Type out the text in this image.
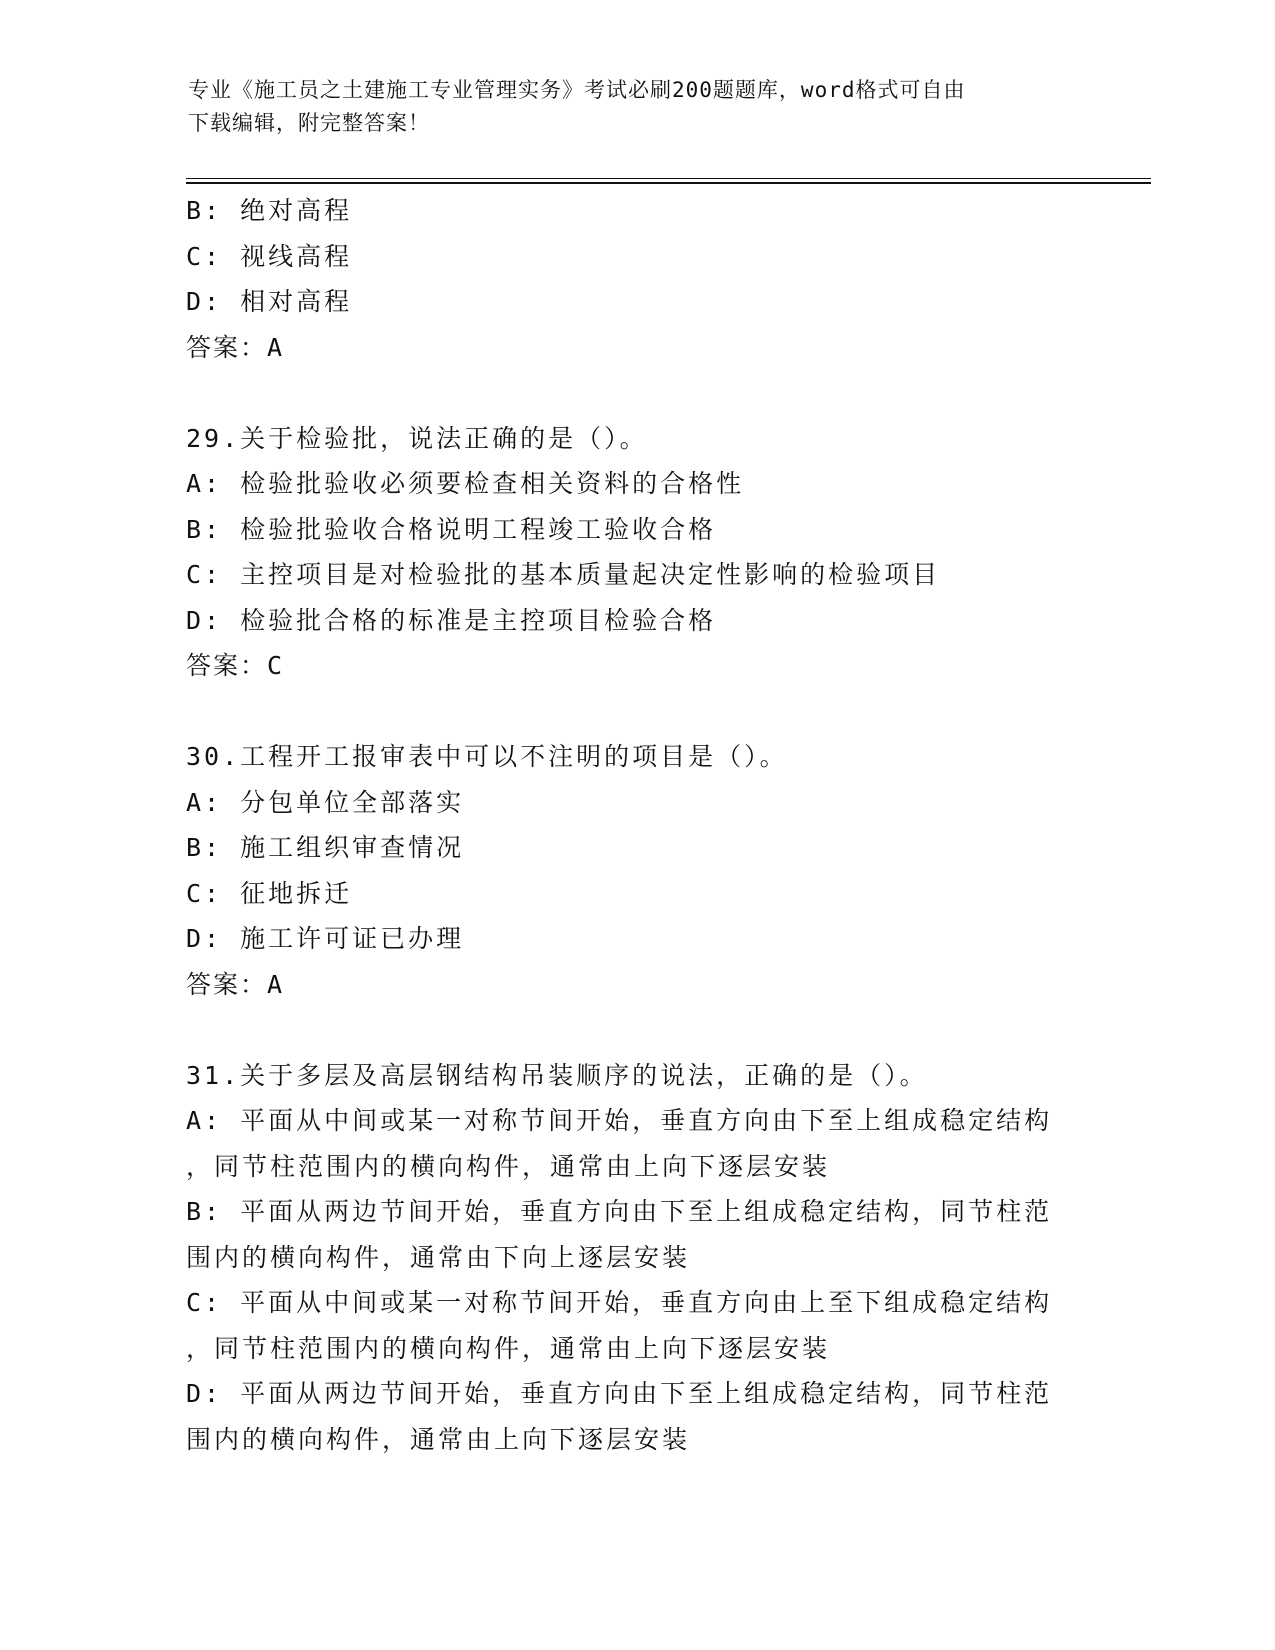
专业《施工员之土建施工专业管理实务》考试必刷200题题库，word格式可自由
下载编辑，附完整答案！
B: 绝对高程
C: 视线高程
D: 相对高程
答案：A
29.关于检验批，说法正确的是（）。
A: 检验批验收必须要检查相关资料的合格性
B: 检验批验收合格说明工程竣工验收合格
C: 主控项目是对检验批的基本质量起决定性影响的检验项目
D: 检验批合格的标准是主控项目检验合格
答案：C
30.工程开工报审表中可以不注明的项目是（）。
A: 分包单位全部落实
B: 施工组织审查情况
C: 征地拆迁
D: 施工许可证已办理
答案：A
31.关于多层及高层钢结构吊装顺序的说法，正确的是（）。
A: 平面从中间或某一对称节间开始，垂直方向由下至上组成稳定结构
，同节柱范围内的横向构件，通常由上向下逐层安装
B: 平面从两边节间开始，垂直方向由下至上组成稳定结构，同节柱范
围内的横向构件，通常由下向上逐层安装
C: 平面从中间或某一对称节间开始，垂直方向由上至下组成稳定结构
，同节柱范围内的横向构件，通常由上向下逐层安装
D: 平面从两边节间开始，垂直方向由下至上组成稳定结构，同节柱范
围内的横向构件，通常由上向下逐层安装
